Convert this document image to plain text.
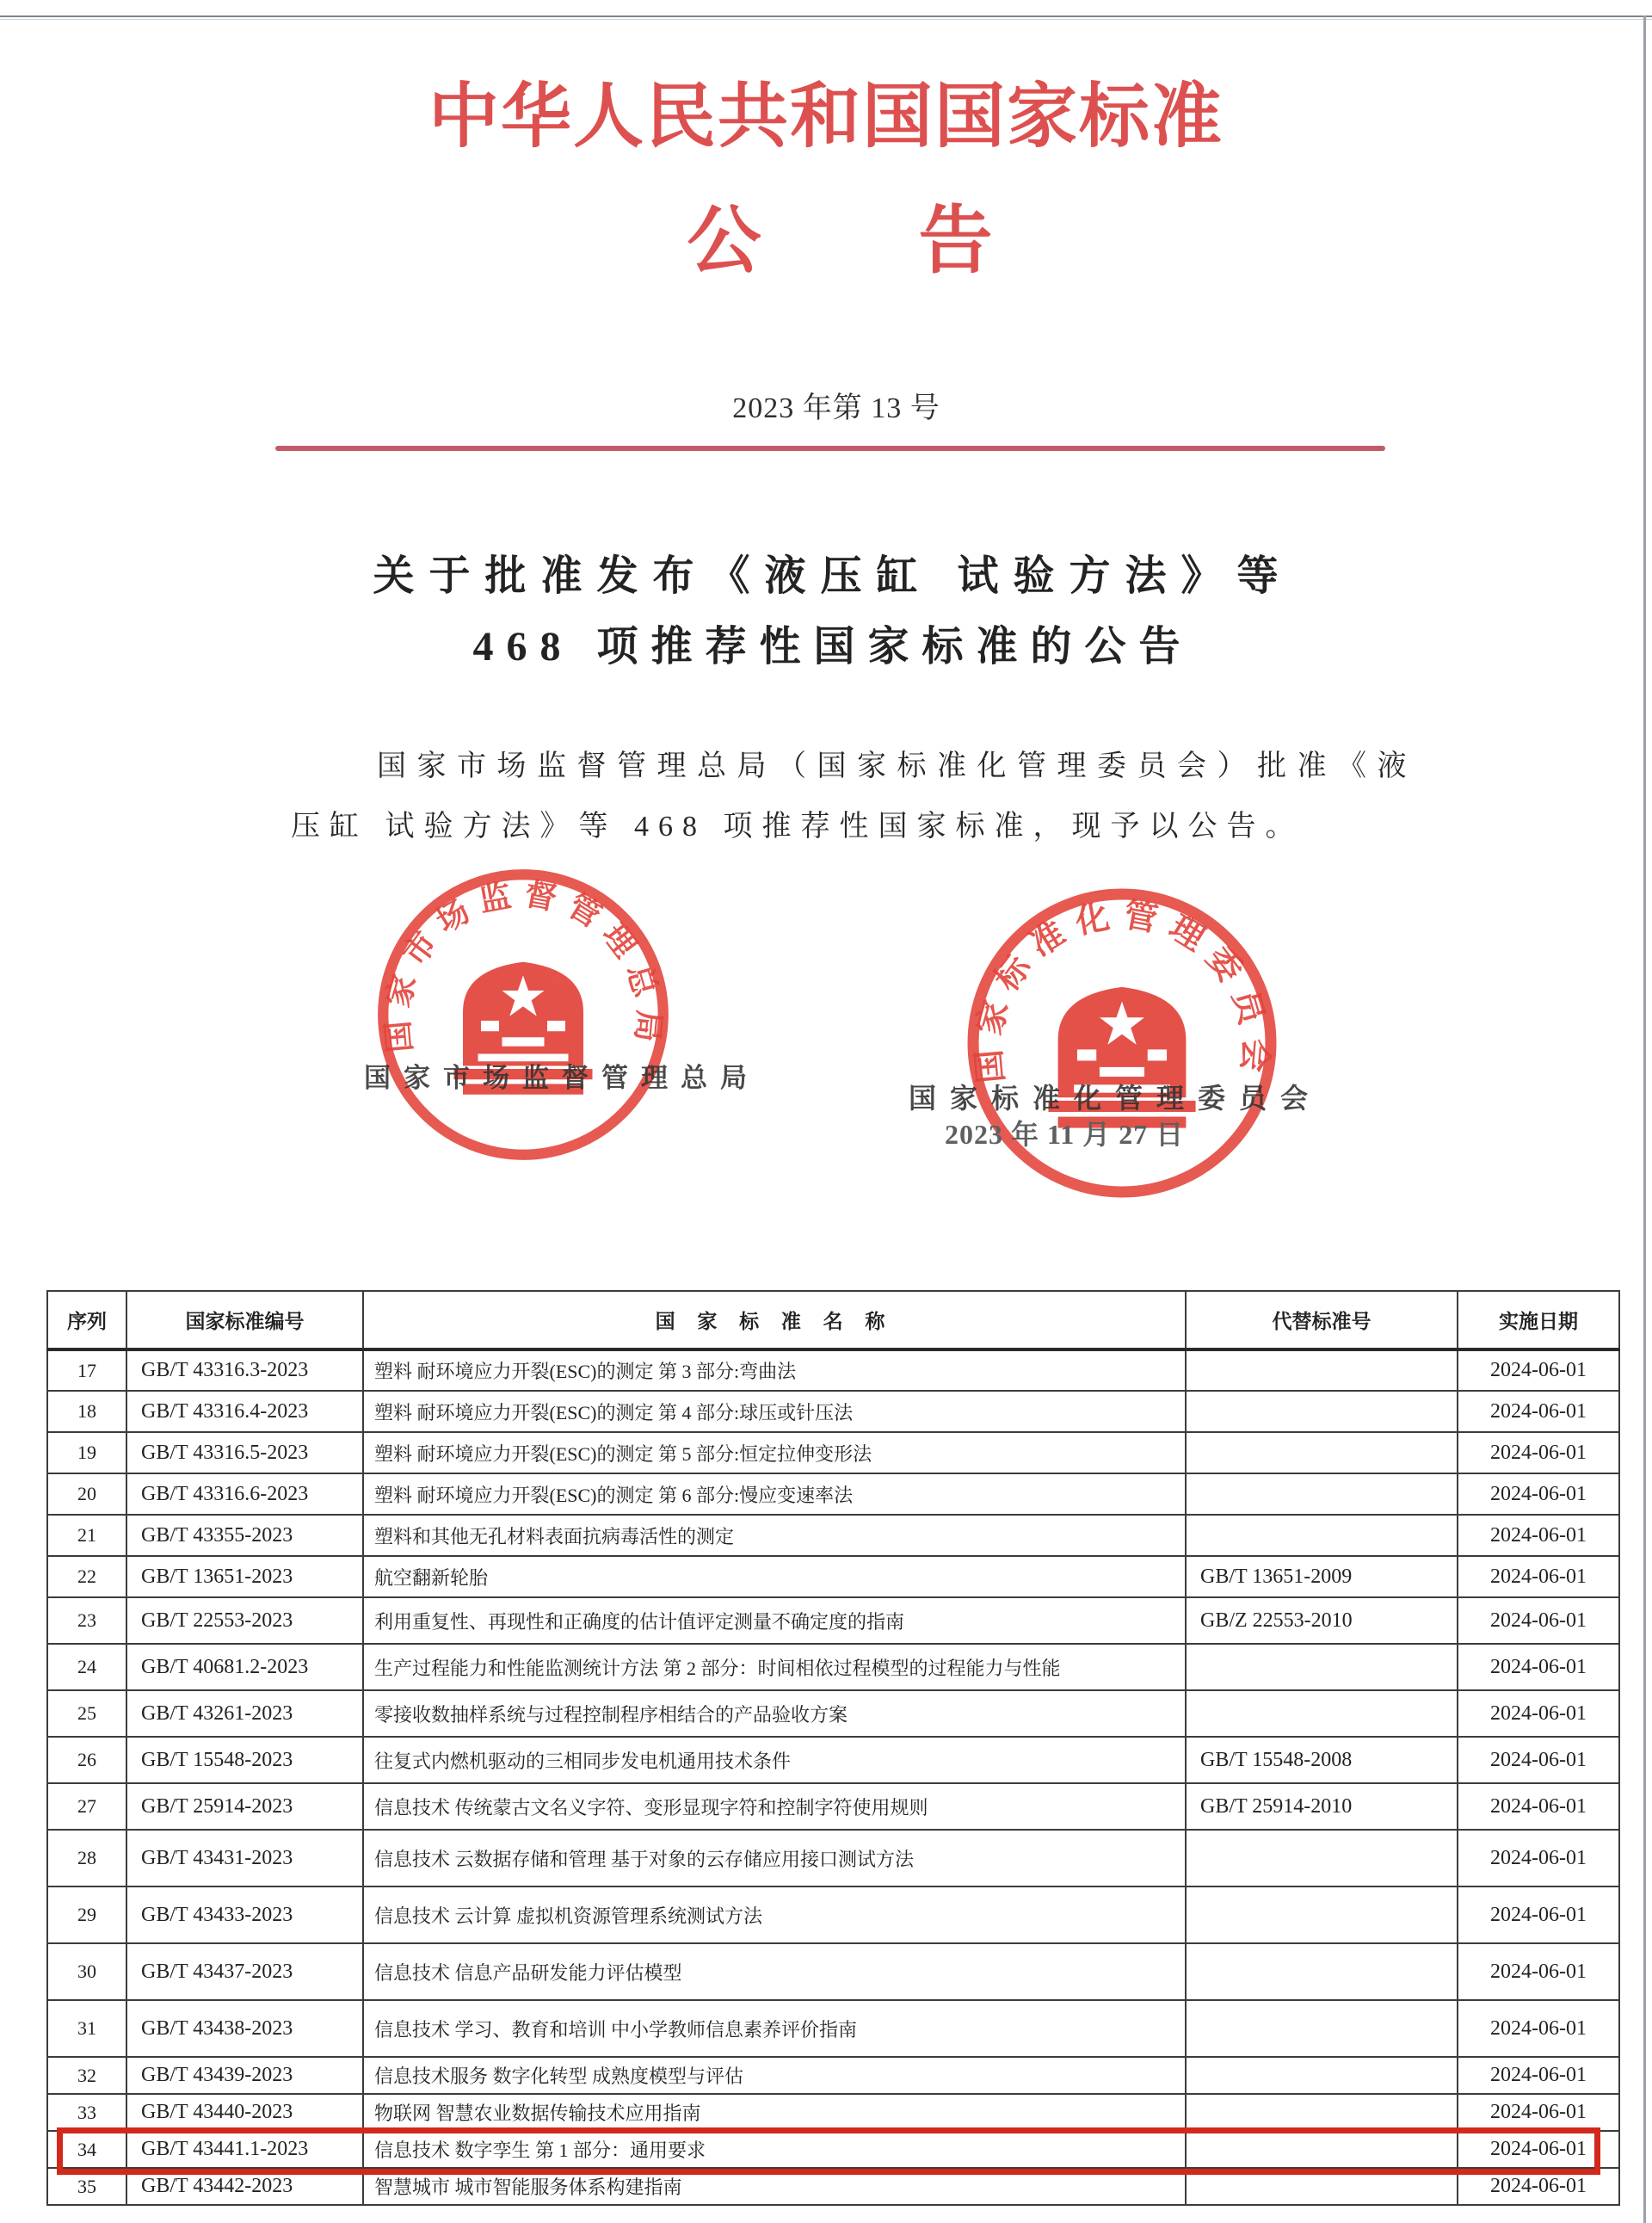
中华人民共和国国家标准
公 告
2023 年第 13 号
关于批准发布《液压缸 试验方法》等
468 项推荐性国家标准的公告
国家市场监督管理总局（国家标准化管理委员会）批准《液
压缸 试验方法》等 468 项推荐性国家标准，现予以公告。
国家市场监督管理总局
国家标准化管理委员会
国家市场监督管理总局
国家标准化管理委员会
2023 年 11 月 27 日
序列	国家标准编号	国 家 标 准 名 称	代替标准号	实施日期
17	GB/T 43316.3-2023	塑料 耐环境应力开裂(ESC)的测定 第 3 部分:弯曲法		2024-06-01
18	GB/T 43316.4-2023	塑料 耐环境应力开裂(ESC)的测定 第 4 部分:球压或针压法		2024-06-01
19	GB/T 43316.5-2023	塑料 耐环境应力开裂(ESC)的测定 第 5 部分:恒定拉伸变形法		2024-06-01
20	GB/T 43316.6-2023	塑料 耐环境应力开裂(ESC)的测定 第 6 部分:慢应变速率法		2024-06-01
21	GB/T 43355-2023	塑料和其他无孔材料表面抗病毒活性的测定		2024-06-01
22	GB/T 13651-2023	航空翻新轮胎	GB/T 13651-2009	2024-06-01
23	GB/T 22553-2023	利用重复性、再现性和正确度的估计值评定测量不确定度的指南	GB/Z 22553-2010	2024-06-01
24	GB/T 40681.2-2023	生产过程能力和性能监测统计方法 第 2 部分：时间相依过程模型的过程能力与性能		2024-06-01
25	GB/T 43261-2023	零接收数抽样系统与过程控制程序相结合的产品验收方案		2024-06-01
26	GB/T 15548-2023	往复式内燃机驱动的三相同步发电机通用技术条件	GB/T 15548-2008	2024-06-01
27	GB/T 25914-2023	信息技术 传统蒙古文名义字符、变形显现字符和控制字符使用规则	GB/T 25914-2010	2024-06-01
28	GB/T 43431-2023	信息技术 云数据存储和管理 基于对象的云存储应用接口测试方法		2024-06-01
29	GB/T 43433-2023	信息技术 云计算 虚拟机资源管理系统测试方法		2024-06-01
30	GB/T 43437-2023	信息技术 信息产品研发能力评估模型		2024-06-01
31	GB/T 43438-2023	信息技术 学习、教育和培训 中小学教师信息素养评价指南		2024-06-01
32	GB/T 43439-2023	信息技术服务 数字化转型 成熟度模型与评估		2024-06-01
33	GB/T 43440-2023	物联网 智慧农业数据传输技术应用指南		2024-06-01
34	GB/T 43441.1-2023	信息技术 数字孪生 第 1 部分：通用要求		2024-06-01
35	GB/T 43442-2023	智慧城市 城市智能服务体系构建指南		2024-06-01
